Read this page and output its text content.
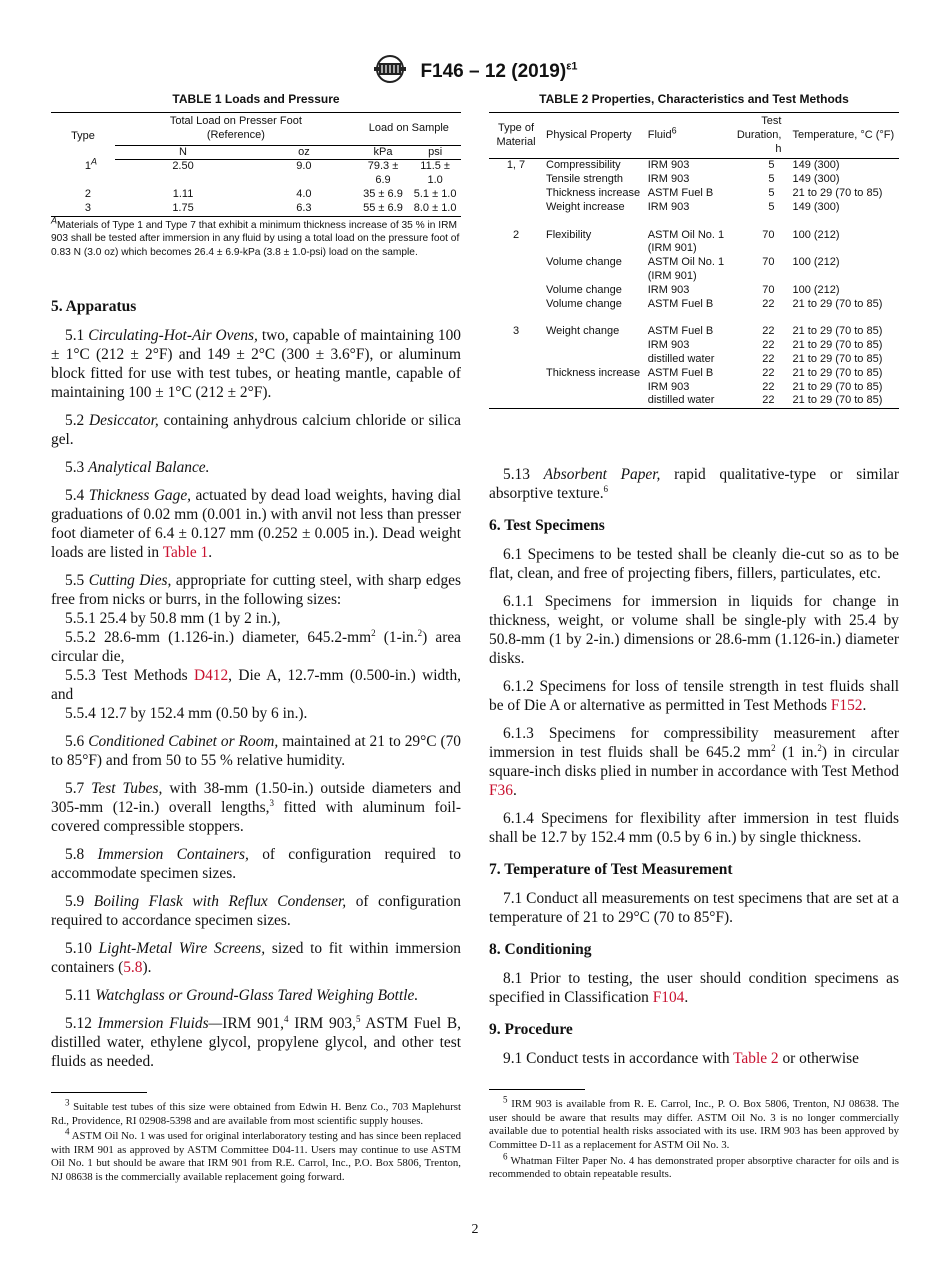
F146 – 12 $(2019)^{\varepsilon 1}$
TABLE 1 Loads and Pressure
Type	Total Load on Presser Foot (Reference)		Load on Sample	
	N	oz	kPa	psi
$1^A$	2.50	9.0	79.3 ± 6.9	11.5 ± 1.0
2	1.11	4.0	35 ± 6.9	5.1 ± 1.0
3	1.75	6.3	55 ± 6.9	8.0 ± 1.0
$^A$Materials of Type 1 and Type 7 that exhibit a minimum thickness increase of 35 % in IRM 903 shall be tested after immersion in any fluid by using a total load on the pressure foot of 0.83 N (3.0 oz) which becomes 26.4 ± 6.9-kPa (3.8 ± 1.0-psi) load on the sample.
5. Apparatus

5.1 Circulating-Hot-Air Ovens, two, capable of maintaining 100 ± 1°C (212 ± 2°F) and 149 ± 2°C (300 ± 3.6°F), or aluminum block fitted for use with test tubes, or heating mantle, capable of maintaining 100 ± 1°C (212 ± 2°F).

5.2 Desiccator, containing anhydrous calcium chloride or silica gel.

5.3 Analytical Balance.

5.4 Thickness Gage, actuated by dead load weights, having dial graduations of 0.02 mm (0.001 in.) with anvil not less than presser foot diameter of 6.4 ± 0.127 mm (0.252 ± 0.005 in.). Dead weight loads are listed in Table 1.

5.5 Cutting Dies, appropriate for cutting steel, with sharp edges free from nicks or burrs, in the following sizes:

5.5.1 25.4 by 50.8 mm (1 by 2 in.),

5.5.2 28.6-mm (1.126-in.) diameter, $645.2-mm^2$ (1-in.$^2$) area circular die,

5.5.3 Test Methods D412, Die A, 12.7-mm (0.500-in.) width, and

5.5.4 12.7 by 152.4 mm (0.50 by 6 in.).

5.6 Conditioned Cabinet or Room, maintained at 21 to 29°C (70 to 85°F) and from 50 to 55 % relative humidity.

5.7 Test Tubes, with 38-mm (1.50-in.) outside diameters and 305-mm (12-in.) overall lengths,$^3$ fitted with aluminum foil-covered compressible stoppers.

5.8 Immersion Containers, of configuration required to accommodate specimen sizes.

5.9 Boiling Flask with Reflux Condenser, of configuration required to accordance specimen sizes.

5.10 Light-Metal Wire Screens, sized to fit within immersion containers (5.8).

5.11 Watchglass or Ground-Glass Tared Weighing Bottle.

5.12 Immersion Fluids—IRM 901,$^4$ IRM 903,$^5$ ASTM Fuel B, distilled water, ethylene glycol, propylene glycol, and other test fluids as needed.

$^3$ Suitable test tubes of this size were obtained from Edwin H. Benz Co., 703 Maplehurst Rd., Providence, RI 02908-5398 and are available from most scientific supply houses.

$^4$ ASTM Oil No. 1 was used for original interlaboratory testing and has since been replaced with IRM 901 as approved by ASTM Committee D04-11. Users may continue to use ASTM Oil No. 1 but should be aware that IRM 901 from R.E. Carrol, Inc., P.O. Box 5806, Trenton, NJ 08638 is the commercially available replacement going forward.

TABLE 2 Properties, Characteristics and Test Methods
Type of Material	Physical Property	Fluid$^6$	Test Duration, h	Temperature, °C (°F)
1, 7	Compressibility	IRM 903	5	149 (300)
	Tensile strength	IRM 903	5	149 (300)
	Thickness increase	ASTM Fuel B	5	21 to 29 (70 to 85)
	Weight increase	IRM 903	5	149 (300)

2	Flexibility	ASTM Oil No. 1	70	100 (212)
		(IRM 901)		
	Volume change	ASTM Oil No. 1	70	100 (212)
		(IRM 901)		
	Volume change	IRM 903	70	100 (212)
	Volume change	ASTM Fuel B	22	21 to 29 (70 to 85)

3	Weight change	ASTM Fuel B	22	21 to 29 (70 to 85)
		IRM 903	22	21 to 29 (70 to 85)
		distilled water	22	21 to 29 (70 to 85)
	Thickness increase	ASTM Fuel B	22	21 to 29 (70 to 85)
		IRM 903	22	21 to 29 (70 to 85)
		distilled water	22	21 to 29 (70 to 85)

5.13 Absorbent Paper, rapid qualitative-type or similar absorptive texture.$^6$

6. Test Specimens

6.1 Specimens to be tested shall be cleanly die-cut so as to be flat, clean, and free of projecting fibers, fillers, particulates, etc.

6.1.1 Specimens for immersion in liquids for change in thickness, weight, or volume shall be single-ply with 25.4 by 50.8-mm (1 by 2-in.) dimensions or 28.6-mm (1.126-in.) diameter disks.

6.1.2 Specimens for loss of tensile strength in test fluids shall be of Die A or alternative as permitted in Test Methods F152.

6.1.3 Specimens for compressibility measurement after immersion in test fluids shall be 645.2 $mm^2$ (1 in.$^2$) in circular square-inch disks plied in number in accordance with Test Method F36.

6.1.4 Specimens for flexibility after immersion in test fluids shall be 12.7 by 152.4 mm (0.5 by 6 in.) by single thickness.

7. Temperature of Test Measurement

7.1 Conduct all measurements on test specimens that are set at a temperature of 21 to 29°C (70 to 85°F).

8. Conditioning

8.1 Prior to testing, the user should condition specimens as specified in Classification F104.

9. Procedure

9.1 Conduct tests in accordance with Table 2 or otherwise

$^5$ IRM 903 is available from R. E. Carrol, Inc., P. O. Box 5806, Trenton, NJ 08638. The user should be aware that results may differ. ASTM Oil No. 3 is no longer commercially available due to potential health risks associated with its use. IRM 903 has been approved by Committee D-11 as a replacement for ASTM Oil No. 3.

$^6$ Whatman Filter Paper No. 4 has demonstrated proper absorptive character for oils and is recommended to obtain repeatable results.

2
